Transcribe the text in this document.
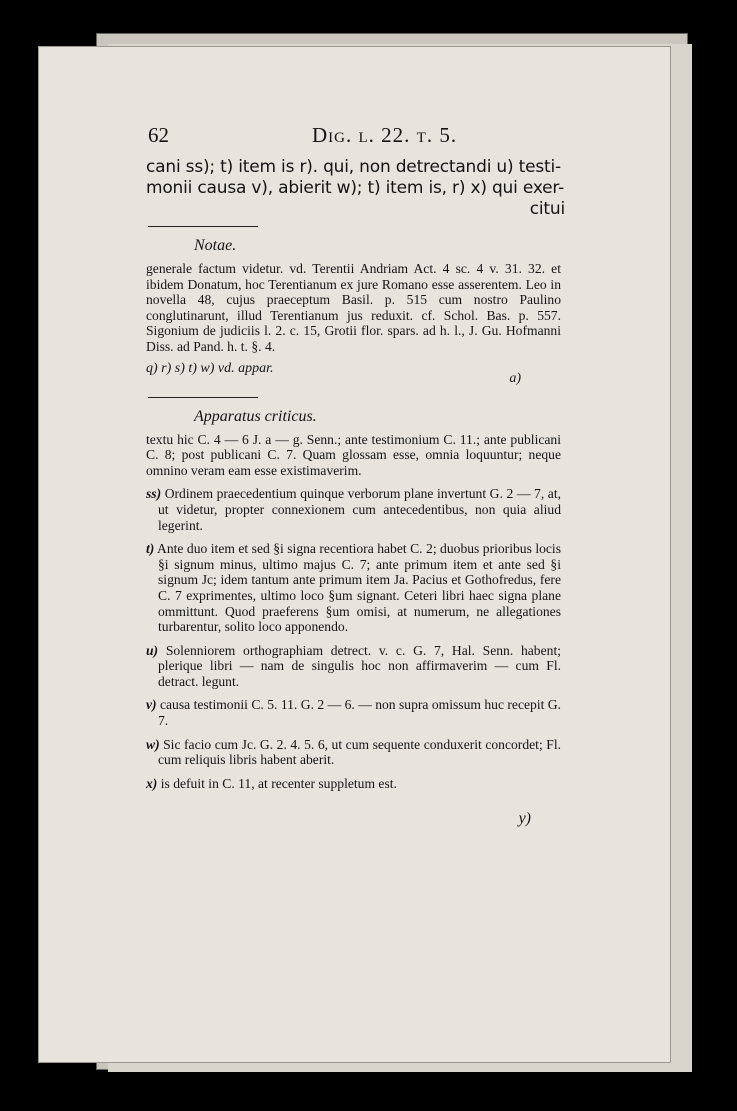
62	Dig. l. 22. t. 5.
cani ss); t) item is r). qui, non detrectandi u) testi-
monii causa v), abierit w); t) item is, r) x) qui exer-
citui
Notae.

generale factum videtur. vd. Terentii Andriam Act. 4 sc. 4 v. 31. 32. et ibidem Donatum, hoc Terentianum ex jure Romano esse asserentem. Leo in novella 48, cujus praeceptum Basil. p. 515 cum nostro Paulino conglutinarunt, illud Terentianum jus reduxit. cf. Schol. Bas. p. 557. Sigonium de judiciis l. 2. c. 15, Grotii flor. spars. ad h. l., J. Gu. Hofmanni Diss. ad Pand. h. t. §. 4.

q) r) s) t) w) vd. appar.
a)
Apparatus criticus.

textu hic C. 4 — 6 J. a — g. Senn.; ante testimonium C. 11.; ante publicani C. 8; post publicani C. 7. Quam glossam esse, omnia loquuntur; neque omnino veram eam esse existimaverim.

ss) Ordinem praecedentium quinque verborum plane invertunt G. 2 — 7, at, ut videtur, propter connexionem cum antecedentibus, non quia aliud legerint.

t) Ante duo item et sed §i signa recentiora habet C. 2; duobus prioribus locis §i signum minus, ultimo majus C. 7; ante primum item et ante sed §i signum Jc; idem tantum ante primum item Ja. Pacius et Gothofredus, fere C. 7 exprimentes, ultimo loco §um signant. Ceteri libri haec signa plane ommittunt. Quod praeferens §um omisi, at numerum, ne allegationes turbarentur, solito loco apponendo.

u) Solenniorem orthographiam detrect. v. c. G. 7, Hal. Senn. habent; plerique libri — nam de singulis hoc non affirmaverim — cum Fl. detract. legunt.

v) causa testimonii C. 5. 11. G. 2 — 6. — non supra omissum huc recepit G. 7.

w) Sic facio cum Jc. G. 2. 4. 5. 6, ut cum sequente conduxerit concordet; Fl. cum reliquis libris habent aberit.

x) is defuit in C. 11, at recenter suppletum est.

y)
